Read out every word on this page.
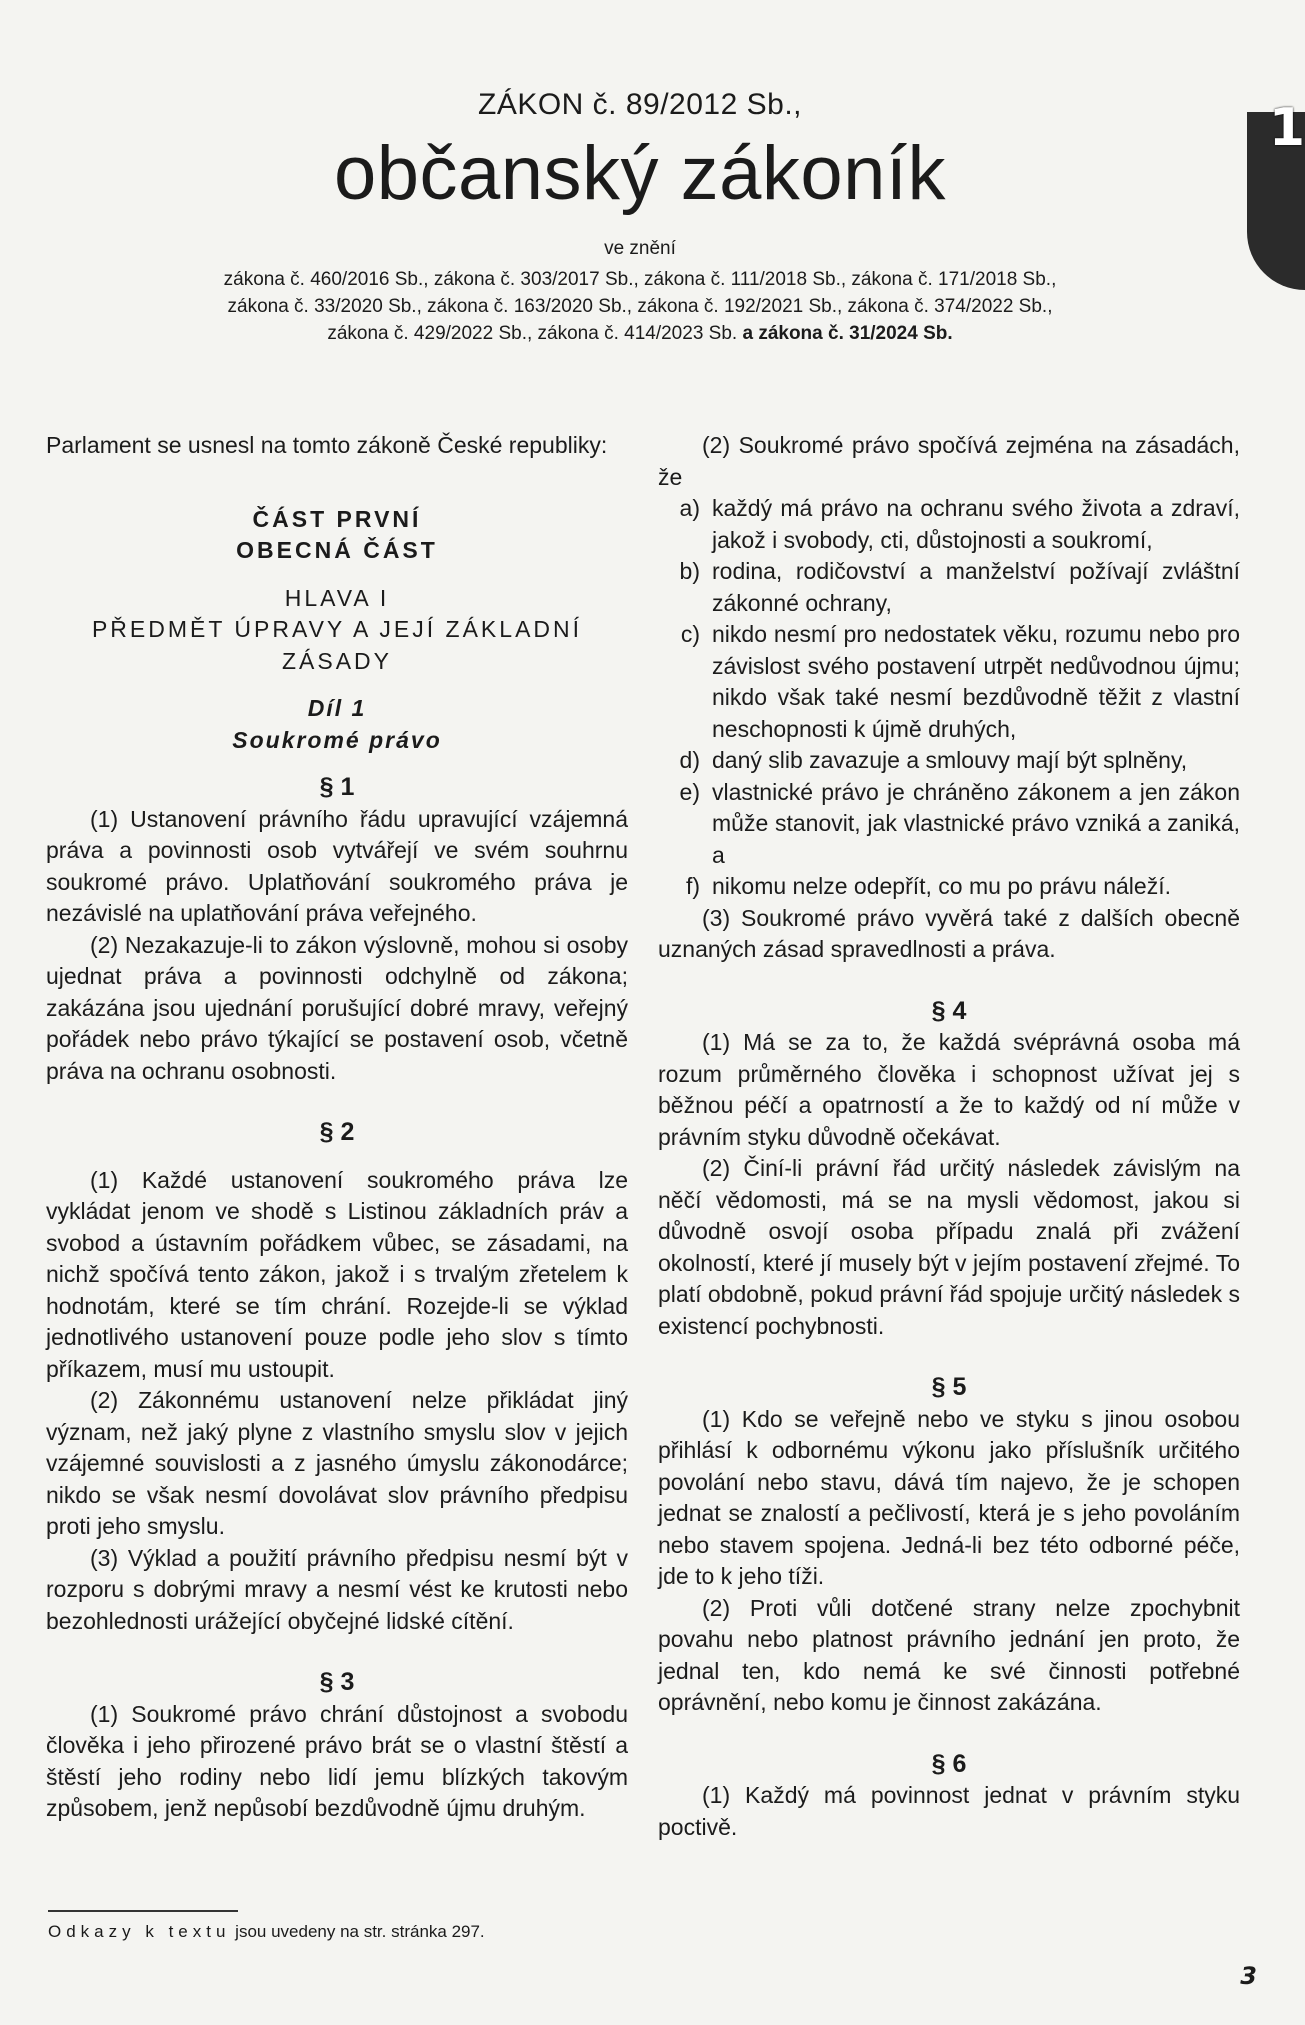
1

ZÁKON č. 89/2012 Sb.,

občanský zákoník

ve znění

zákona č. 460/2016 Sb., zákona č. 303/2017 Sb., zákona č. 111/2018 Sb., zákona č. 171/2018 Sb.,

zákona č. 33/2020 Sb., zákona č. 163/2020 Sb., zákona č. 192/2021 Sb., zákona č. 374/2022 Sb.,

zákona č. 429/2022 Sb., zákona č. 414/2023 Sb. a zákona č. 31/2024 Sb.

Parlament se usnesl na tomto zákoně České republiky:

ČÁST PRVNÍ

OBECNÁ ČÁST

HLAVA I

PŘEDMĚT ÚPRAVY A JEJÍ ZÁKLADNÍ ZÁSADY

Díl 1

Soukromé právo

§ 1

(1) Ustanovení právního řádu upravující vzájemná práva a povinnosti osob vytvářejí ve svém souhrnu soukromé právo. Uplatňování soukromého práva je nezávislé na uplatňování práva veřejného.

(2) Nezakazuje-li to zákon výslovně, mohou si osoby ujednat práva a povinnosti odchylně od zákona; zakázána jsou ujednání porušující dobré mravy, veřejný pořádek nebo právo týkající se postavení osob, včetně práva na ochranu osobnosti.

§ 2

(1) Každé ustanovení soukromého práva lze vykládat jenom ve shodě s Listinou základních práv a svobod a ústavním pořádkem vůbec, se zásadami, na nichž spočívá tento zákon, jakož i s trvalým zřetelem k hodnotám, které se tím chrání. Rozejde-li se výklad jednotlivého ustanovení pouze podle jeho slov s tímto příkazem, musí mu ustoupit.

(2) Zákonnému ustanovení nelze přikládat jiný význam, než jaký plyne z vlastního smyslu slov v jejich vzájemné souvislosti a z jasného úmyslu zákonodárce; nikdo se však nesmí dovolávat slov právního předpisu proti jeho smyslu.

(3) Výklad a použití právního předpisu nesmí být v rozporu s dobrými mravy a nesmí vést ke krutosti nebo bezohlednosti urážející obyčejné lidské cítění.

§ 3

(1) Soukromé právo chrání důstojnost a svobodu člověka i jeho přirozené právo brát se o vlastní štěstí a štěstí jeho rodiny nebo lidí jemu blízkých takovým způsobem, jenž nepůsobí bezdůvodně újmu druhým.

(2) Soukromé právo spočívá zejména na zásadách, že

a) každý má právo na ochranu svého života a zdraví, jakož i svobody, cti, důstojnosti a soukromí,
b) rodina, rodičovství a manželství požívají zvláštní zákonné ochrany,
c) nikdo nesmí pro nedostatek věku, rozumu nebo pro závislost svého postavení utrpět nedůvodnou újmu; nikdo však také nesmí bezdůvodně těžit z vlastní neschopnosti k újmě druhých,
d) daný slib zavazuje a smlouvy mají být splněny,
e) vlastnické právo je chráněno zákonem a jen zákon může stanovit, jak vlastnické právo vzniká a zaniká, a
f) nikomu nelze odepřít, co mu po právu náleží.

(3) Soukromé právo vyvěrá také z dalších obecně uznaných zásad spravedlnosti a práva.

§ 4

(1) Má se za to, že každá svéprávná osoba má rozum průměrného člověka i schopnost užívat jej s běžnou péčí a opatrností a že to každý od ní může v právním styku důvodně očekávat.

(2) Činí-li právní řád určitý následek závislým na něčí vědomosti, má se na mysli vědomost, jakou si důvodně osvojí osoba případu znalá při zvážení okolností, které jí musely být v jejím postavení zřejmé. To platí obdobně, pokud právní řád spojuje určitý následek s existencí pochybnosti.

§ 5

(1) Kdo se veřejně nebo ve styku s jinou osobou přihlásí k odbornému výkonu jako příslušník určitého povolání nebo stavu, dává tím najevo, že je schopen jednat se znalostí a pečlivostí, která je s jeho povoláním nebo stavem spojena. Jedná-li bez této odborné péče, jde to k jeho tíži.

(2) Proti vůli dotčené strany nelze zpochybnit povahu nebo platnost právního jednání jen proto, že jednal ten, kdo nemá ke své činnosti potřebné oprávnění, nebo komu je činnost zakázána.

§ 6

(1) Každý má povinnost jednat v právním styku poctivě.

Odkazy k textu jsou uvedeny na str. stránka 297.
3
